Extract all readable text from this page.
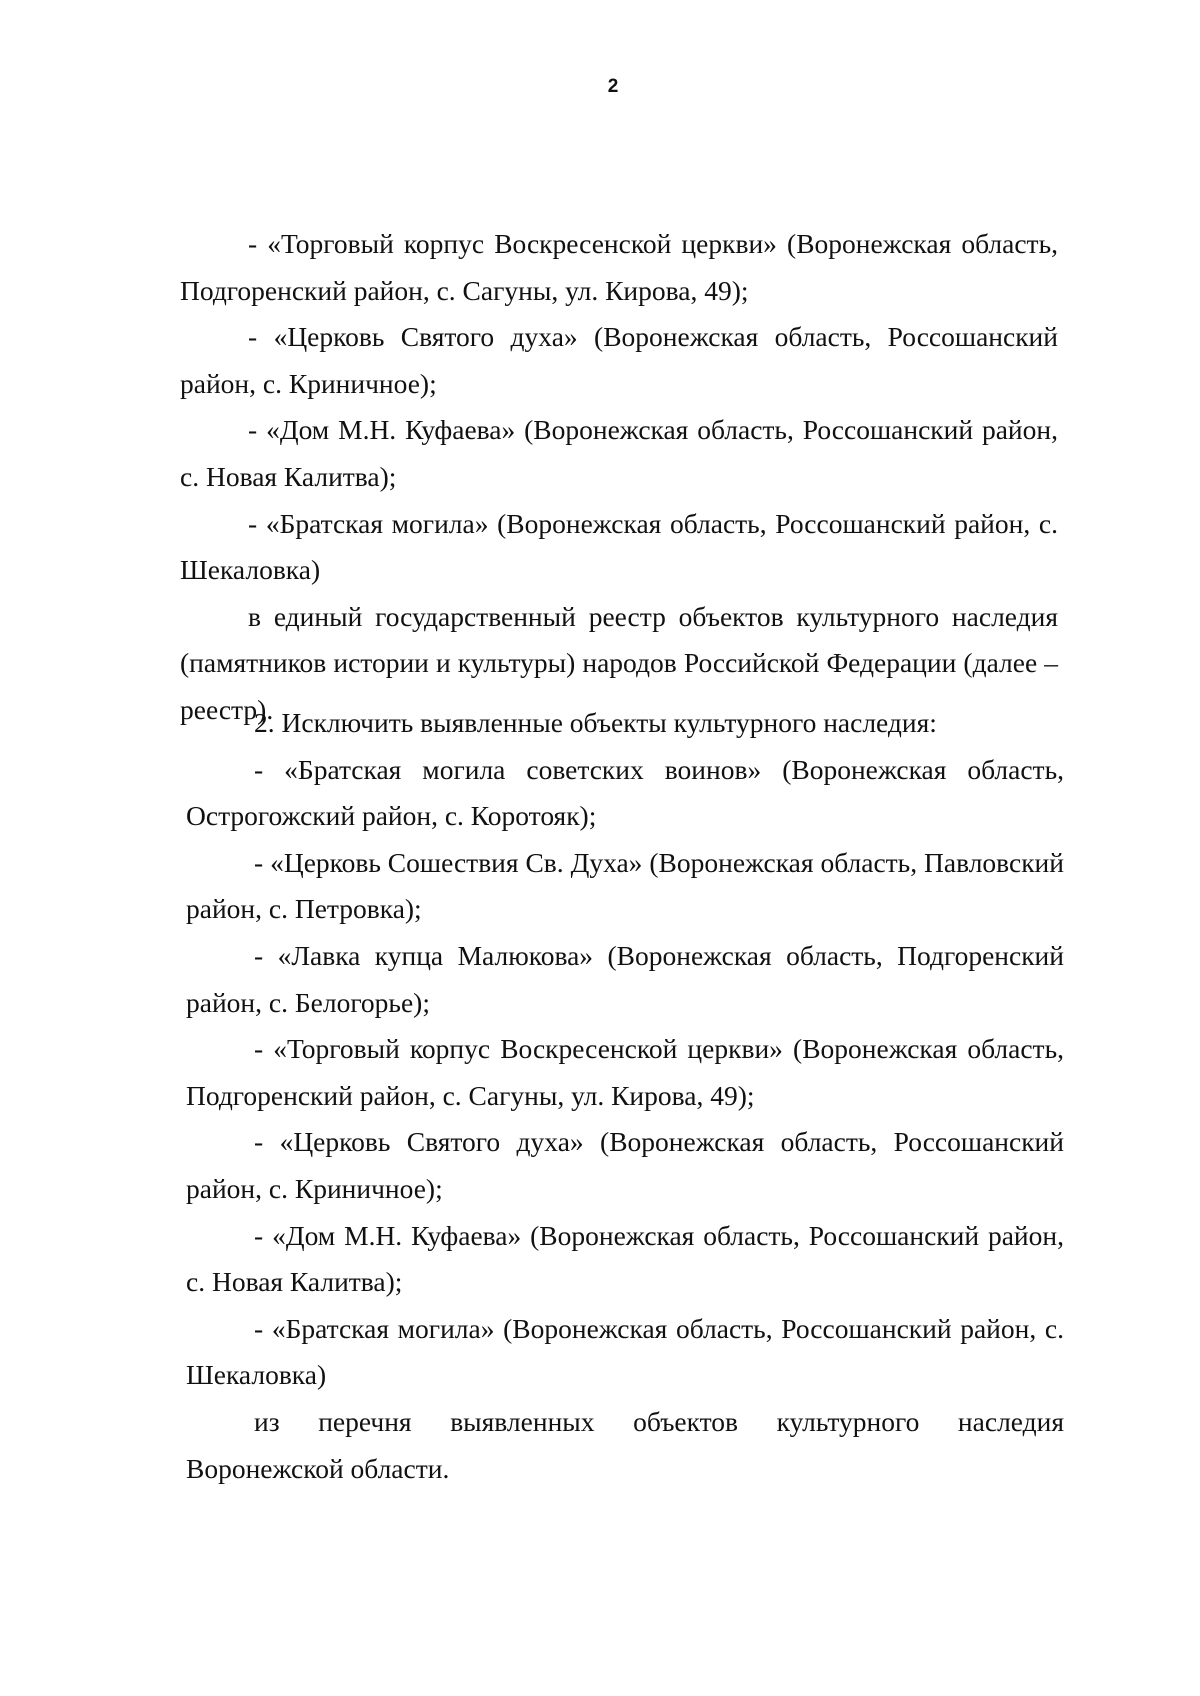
2

- «Торговый корпус Воскресенской церкви» (Воронежская область, Подгоренский район, с. Сагуны, ул. Кирова, 49);

- «Церковь Святого духа» (Воронежская область, Россошанский район, с. Криничное);

- «Дом М.Н. Куфаева» (Воронежская область, Россошанский район, с. Новая Калитва);

- «Братская могила» (Воронежская область, Россошанский район, с. Шекаловка)

в единый государственный реестр объектов культурного наследия (памятников истории и культуры) народов Российской Федерации (далее – реестр).

2. Исключить выявленные объекты культурного наследия:

- «Братская могила советских воинов» (Воронежская область, Острогожский район, с. Коротояк);

- «Церковь Сошествия Св. Духа» (Воронежская область, Павловский район, с. Петровка);

- «Лавка купца Малюкова» (Воронежская область, Подгоренский район, с. Белогорье);

- «Торговый корпус Воскресенской церкви» (Воронежская область, Подгоренский район, с. Сагуны, ул. Кирова, 49);

- «Церковь Святого духа» (Воронежская область, Россошанский район, с. Криничное);

- «Дом М.Н. Куфаева» (Воронежская область, Россошанский район, с. Новая Калитва);

- «Братская могила» (Воронежская область, Россошанский район, с. Шекаловка)

из перечня выявленных объектов культурного наследия Воронежской области.
